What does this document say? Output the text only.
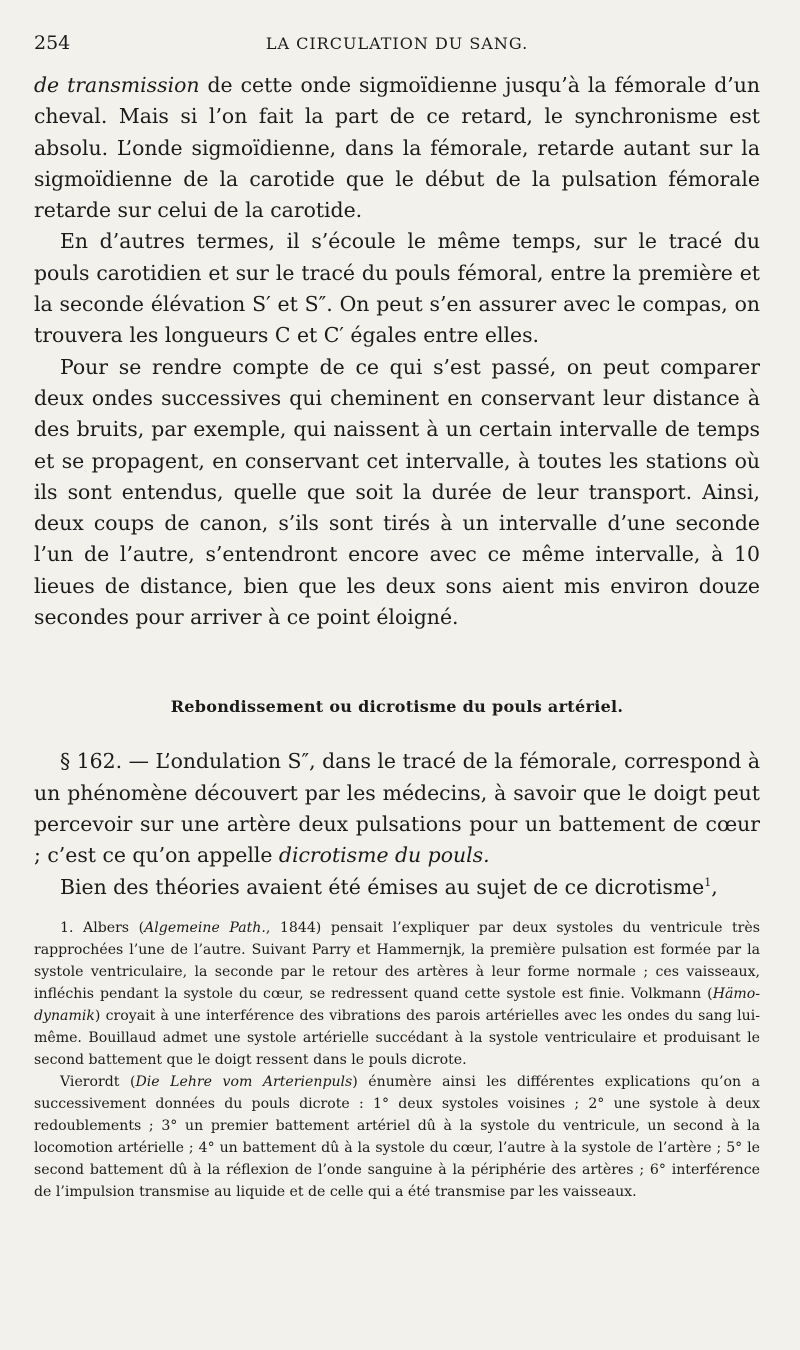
254	LA CIRCULATION DU SANG.

de transmission de cette onde sigmoïdienne jusqu’à la fémorale d’un cheval. Mais si l’on fait la part de ce retard, le synchronisme est absolu. L’onde sigmoïdienne, dans la fémorale, retarde autant sur la sigmoïdienne de la carotide que le début de la pulsation fémorale retarde sur celui de la carotide.

En d’autres termes, il s’écoule le même temps, sur le tracé du pouls carotidien et sur le tracé du pouls fémoral, entre la première et la seconde élévation S′ et S″. On peut s’en assurer avec le compas, on trouvera les longueurs C et C′ égales entre elles.

Pour se rendre compte de ce qui s’est passé, on peut comparer deux ondes successives qui cheminent en conservant leur distance à des bruits, par exemple, qui naissent à un certain intervalle de temps et se propagent, en conservant cet intervalle, à toutes les stations où ils sont entendus, quelle que soit la durée de leur transport. Ainsi, deux coups de canon, s’ils sont tirés à un intervalle d’une seconde l’un de l’autre, s’entendront encore avec ce même intervalle, à 10 lieues de distance, bien que les deux sons aient mis environ douze secondes pour arriver à ce point éloigné.

Rebondissement ou dicrotisme du pouls artériel.

§ 162. — L’ondulation S″, dans le tracé de la fémorale, correspond à un phénomène découvert par les médecins, à savoir que le doigt peut percevoir sur une artère deux pulsations pour un battement de cœur ; c’est ce qu’on appelle dicrotisme du pouls.

Bien des théories avaient été émises au sujet de ce dicrotisme$^1$,

1. Albers (Algemeine Path., 1844) pensait l’expliquer par deux systoles du ventricule très rapprochées l’une de l’autre. Suivant Parry et Hammernjk, la première pulsation est formée par la systole ventriculaire, la seconde par le retour des artères à leur forme normale ; ces vaisseaux, infléchis pendant la systole du cœur, se redressent quand cette systole est finie. Volkmann (Hämo-dynamik) croyait à une interférence des vibrations des parois artérielles avec les ondes du sang lui-même. Bouillaud admet une systole artérielle succédant à la systole ventriculaire et produisant le second battement que le doigt ressent dans le pouls dicrote.

Vierordt (Die Lehre vom Arterienpuls) énumère ainsi les différentes explications qu’on a successivement données du pouls dicrote : 1° deux systoles voisines ; 2° une systole à deux redoublements ; 3° un premier battement artériel dû à la systole du ventricule, un second à la locomotion artérielle ; 4° un battement dû à la systole du cœur, l’autre à la systole de l’artère ; 5° le second battement dû à la réflexion de l’onde sanguine à la périphérie des artères ; 6° interférence de l’impulsion transmise au liquide et de celle qui a été transmise par les vaisseaux.
